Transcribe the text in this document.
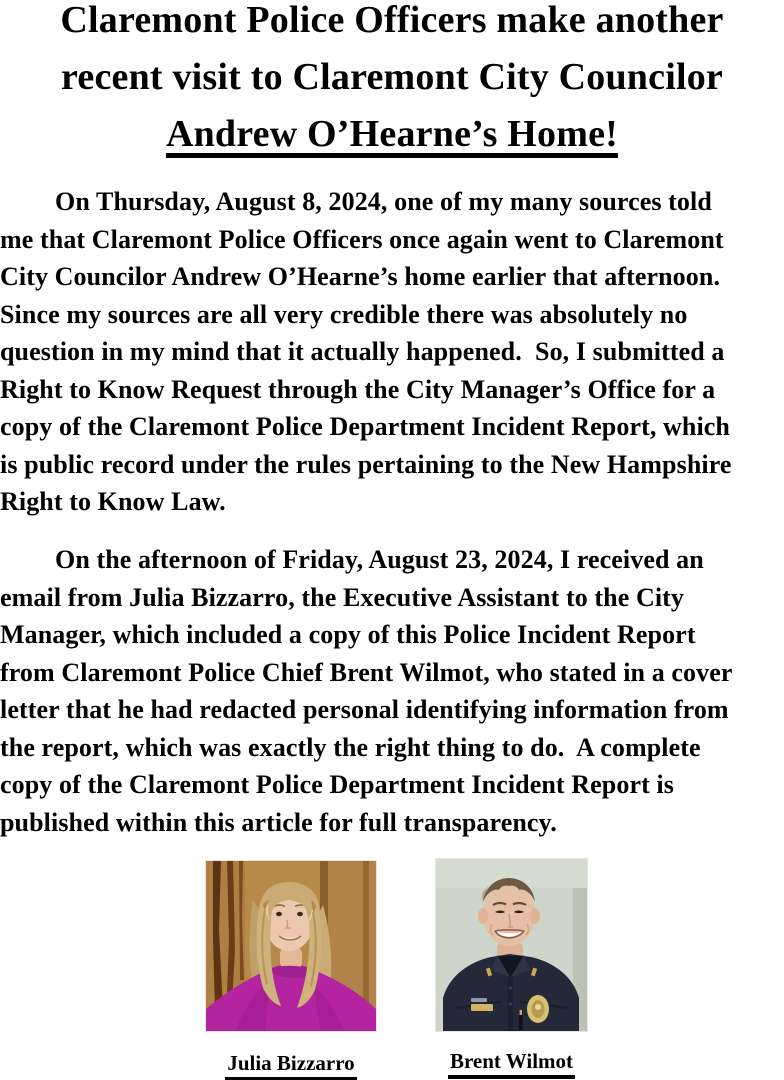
Claremont Police Officers make another
recent visit to Claremont City Councilor
Andrew O’Hearne’s Home!
On Thursday, August 8, 2024, one of my many sources told
me that Claremont Police Officers once again went to Claremont
City Councilor Andrew O’Hearne’s home earlier that afternoon.
Since my sources are all very credible there was absolutely no
question in my mind that it actually happened.  So, I submitted a
Right to Know Request through the City Manager’s Office for a
copy of the Claremont Police Department Incident Report, which
is public record under the rules pertaining to the New Hampshire
Right to Know Law.
On the afternoon of Friday, August 23, 2024, I received an
email from Julia Bizzarro, the Executive Assistant to the City
Manager, which included a copy of this Police Incident Report
from Claremont Police Chief Brent Wilmot, who stated in a cover
letter that he had redacted personal identifying information from
the report, which was exactly the right thing to do.  A complete
copy of the Claremont Police Department Incident Report is
published within this article for full transparency.
Julia Bizzarro	Brent Wilmot
